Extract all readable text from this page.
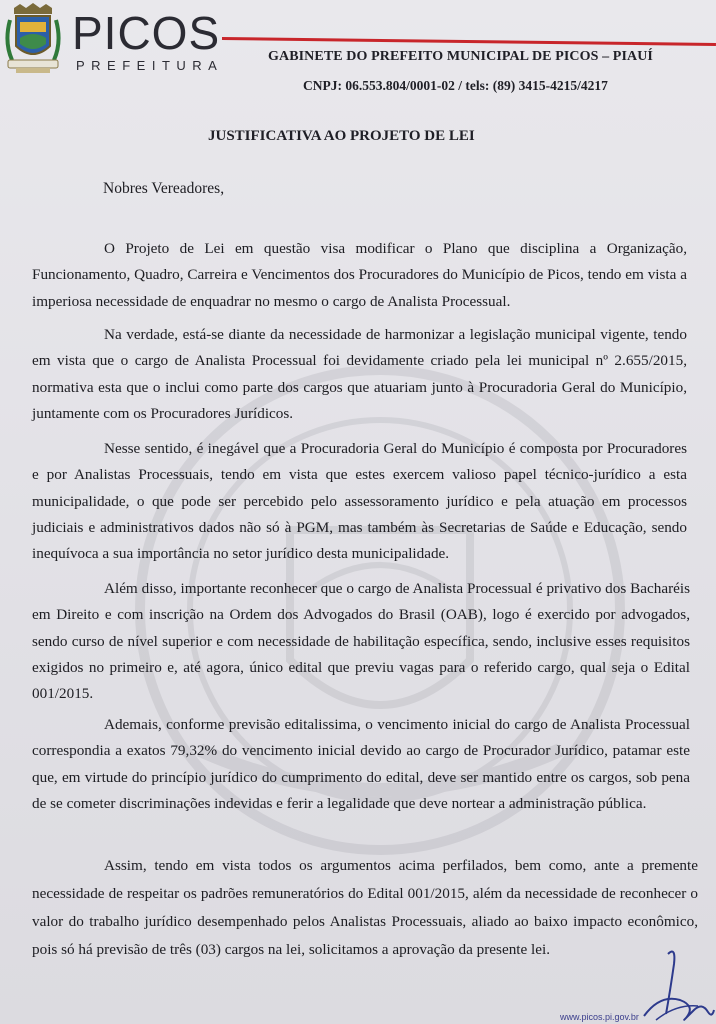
PICOS
PREFEITURA
GABINETE DO PREFEITO MUNICIPAL DE PICOS – PIAUÍ
CNPJ: 06.553.804/0001-02 / tels: (89) 3415-4215/4217
JUSTIFICATIVA AO PROJETO DE LEI
Nobres Vereadores,
O Projeto de Lei em questão visa modificar o Plano que disciplina a Organização, Funcionamento, Quadro, Carreira e Vencimentos dos Procuradores do Município de Picos, tendo em vista a imperiosa necessidade de enquadrar no mesmo o cargo de Analista Processual.
Na verdade, está-se diante da necessidade de harmonizar a legislação municipal vigente, tendo em vista que o cargo de Analista Processual foi devidamente criado pela lei municipal nº 2.655/2015, normativa esta que o inclui como parte dos cargos que atuariam junto à Procuradoria Geral do Município, juntamente com os Procuradores Jurídicos.
Nesse sentido, é inegável que a Procuradoria Geral do Município é composta por Procuradores e por Analistas Processuais, tendo em vista que estes exercem valioso papel técnico-jurídico a esta municipalidade, o que pode ser percebido pelo assessoramento jurídico e pela atuação em processos judiciais e administrativos dados não só à PGM, mas também às Secretarias de Saúde e Educação, sendo inequívoca a sua importância no setor jurídico desta municipalidade.
Além disso, importante reconhecer que o cargo de Analista Processual é privativo dos Bacharéis em Direito e com inscrição na Ordem dos Advogados do Brasil (OAB), logo é exercido por advogados, sendo curso de nível superior e com necessidade de habilitação específica, sendo, inclusive esses requisitos exigidos no primeiro e, até agora, único edital que previu vagas para o referido cargo, qual seja o Edital 001/2015.
Ademais, conforme previsão editalissima, o vencimento inicial do cargo de Analista Processual correspondia a exatos 79,32% do vencimento inicial devido ao cargo de Procurador Jurídico, patamar este que, em virtude do princípio jurídico do cumprimento do edital, deve ser mantido entre os cargos, sob pena de se cometer discriminações indevidas e ferir a legalidade que deve nortear a administração pública.
Assim, tendo em vista todos os argumentos acima perfilados, bem como, ante a premente necessidade de respeitar os padrões remuneratórios do Edital 001/2015, além da necessidade de reconhecer o valor do trabalho jurídico desempenhado pelos Analistas Processuais, aliado ao baixo impacto econômico, pois só há previsão de três (03) cargos na lei, solicitamos a aprovação da presente lei.
www.picos.pi.gov.br
